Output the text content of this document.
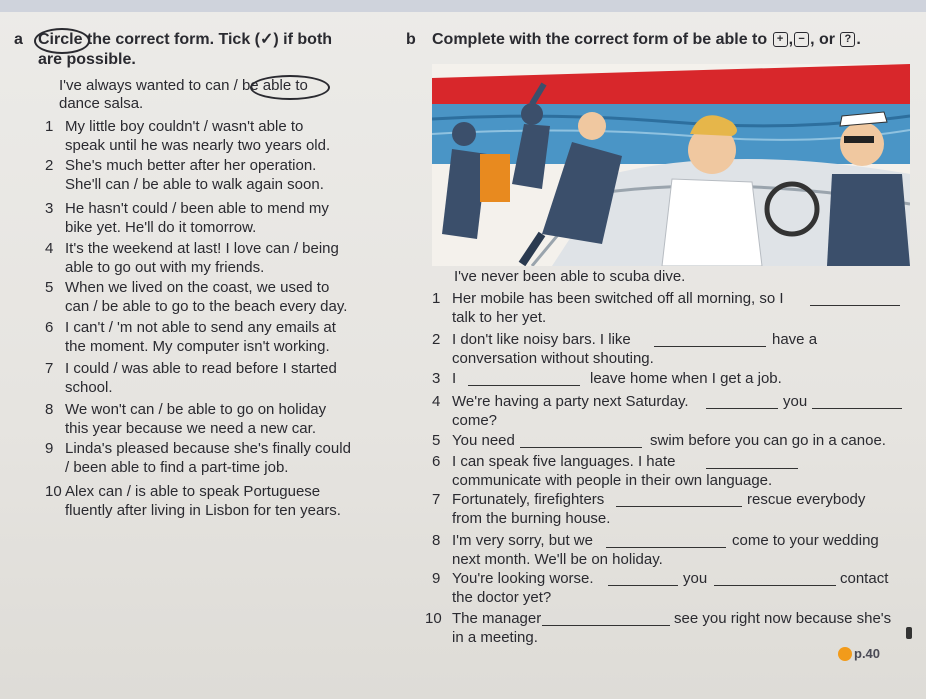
a Circle the correct form. Tick (✓) if both
are possible.
I've always wanted to can / be able to
dance salsa.
1 My little boy couldn't / wasn't able to
speak until he was nearly two years old.
2 She's much better after her operation.
She'll can / be able to walk again soon.
3 He hasn't could / been able to mend my
bike yet. He'll do it tomorrow.
4 It's the weekend at last! I love can / being
able to go out with my friends.
5 When we lived on the coast, we used to
can / be able to go to the beach every day.
6 I can't / 'm not able to send any emails at
the moment. My computer isn't working.
7 I could / was able to read before I started
school.
8 We won't can / be able to go on holiday
this year because we need a new car.
9 Linda's pleased because she's finally could
/ been able to find a part-time job.
10 Alex can / is able to speak Portuguese
fluently after living in Lisbon for ten years.
b Complete with the correct form of be able to + , − , or ? .
I've never been able to scuba dive.
1 Her mobile has been switched off all morning, so I
talk to her yet.
2 I don't like noisy bars. I like	have a
conversation without shouting.
3 I	leave home when I get a job.
4 We're having a party next Saturday.	you
come?
5 You need	swim before you can go in a canoe.
6 I can speak five languages. I hate
communicate with people in their own language.
7 Fortunately, firefighters	rescue everybody
from the burning house.
8 I'm very sorry, but we	come to your wedding
next month. We'll be on holiday.
9 You're looking worse.	you	contact
the doctor yet?
10 The manager	see you right now because she's
in a meeting.
p.40
